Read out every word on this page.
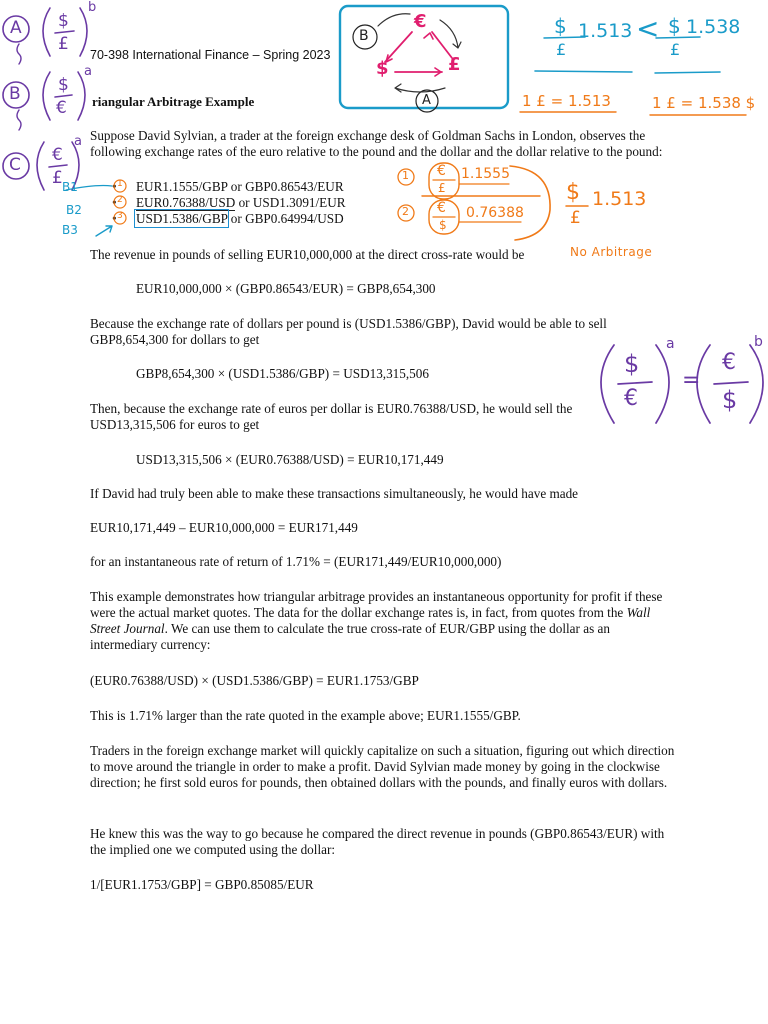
70-398 International Finance – Spring 2023
riangular Arbitrage Example
Suppose David Sylvian, a trader at the foreign exchange desk of Goldman Sachs in London, observes the following exchange rates of the euro relative to the pound and the dollar and the dollar relative to the pound:
• EUR1.1555/GBP or GBP0.86543/EUR
• EUR0.76388/USD or USD1.3091/EUR
• USD1.5386/GBP or GBP0.64994/USD
The revenue in pounds of selling EUR10,000,000 at the direct cross-rate would be
EUR10,000,000 × (GBP0.86543/EUR) = GBP8,654,300
Because the exchange rate of dollars per pound is (USD1.5386/GBP), David would be able to sell GBP8,654,300 for dollars to get
GBP8,654,300 × (USD1.5386/GBP) = USD13,315,506
Then, because the exchange rate of euros per dollar is EUR0.76388/USD, he would sell the USD13,315,506 for euros to get
USD13,315,506 × (EUR0.76388/USD) = EUR10,171,449
If David had truly been able to make these transactions simultaneously, he would have made
EUR10,171,449 – EUR10,000,000 = EUR171,449
for an instantaneous rate of return of 1.71% = (EUR171,449/EUR10,000,000)
This example demonstrates how triangular arbitrage provides an instantaneous opportunity for profit if these were the actual market quotes. The data for the dollar exchange rates is, in fact, from quotes from the Wall Street Journal. We can use them to calculate the true cross-rate of EUR/GBP using the dollar as an intermediary currency:
(EUR0.76388/USD) × (USD1.5386/GBP) = EUR1.1753/GBP
This is 1.71% larger than the rate quoted in the example above; EUR1.1555/GBP.
Traders in the foreign exchange market will quickly capitalize on such a situation, figuring out which direction to move around the triangle in order to make a profit. David Sylvian made money by going in the clockwise direction; he first sold euros for pounds, then obtained dollars with the pounds, and finally euros with dollars.
He knew this was the way to go because he compared the direct revenue in pounds (GBP0.86543/EUR) with the implied one we computed using the dollar:
1/[EUR1.1753/GBP] = GBP0.85085/EUR
A
B
C
$
£
b
$
€
a
€
£
a
B1
B2
B3
1
2
3
B
A
€
$	£
$
£
1.513 < $
£
1.538
1 £ = 1.513	1 £ = 1.538 $
1
2
€
£
€
$
1.1555
0.76388
$
£
1.513
No Arbitrage
$
€
a
=
€
$
b
